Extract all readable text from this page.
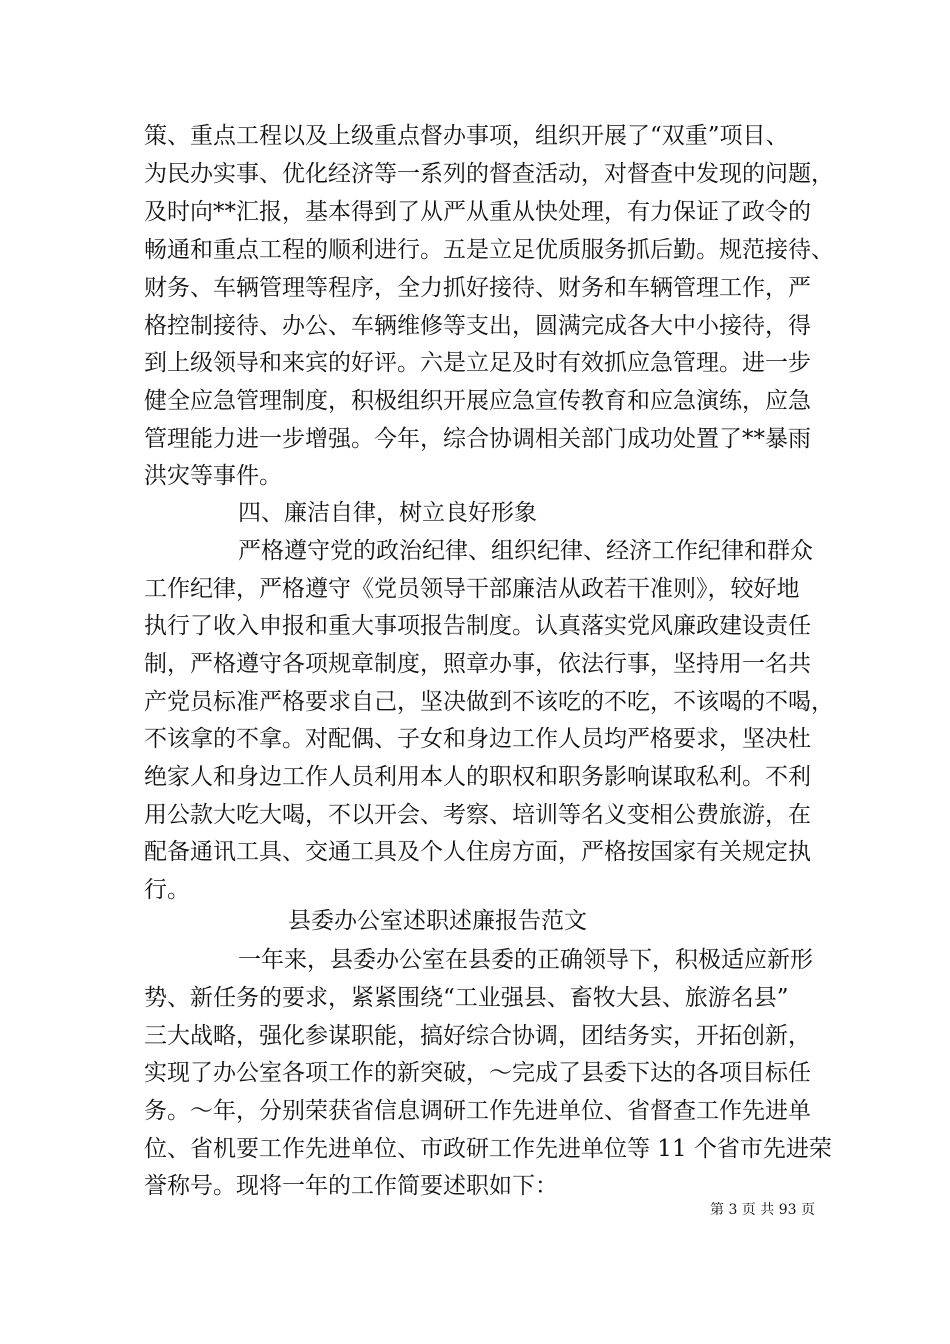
策、重点工程以及上级重点督办事项，组织开展了“双重”项目、
为民办实事、优化经济等一系列的督查活动，对督查中发现的问题，
及时向**汇报，基本得到了从严从重从快处理，有力保证了政令的
畅通和重点工程的顺利进行。五是立足优质服务抓后勤。规范接待、
财务、车辆管理等程序，全力抓好接待、财务和车辆管理工作，严
格控制接待、办公、车辆维修等支出，圆满完成各大中小接待，得
到上级领导和来宾的好评。六是立足及时有效抓应急管理。进一步
健全应急管理制度，积极组织开展应急宣传教育和应急演练，应急
管理能力进一步增强。今年，综合协调相关部门成功处置了**暴雨
洪灾等事件。
四、廉洁自律，树立良好形象
严格遵守党的政治纪律、组织纪律、经济工作纪律和群众
工作纪律，严格遵守《党员领导干部廉洁从政若干准则》，较好地
执行了收入申报和重大事项报告制度。认真落实党风廉政建设责任
制，严格遵守各项规章制度，照章办事，依法行事，坚持用一名共
产党员标准严格要求自己，坚决做到不该吃的不吃，不该喝的不喝，
不该拿的不拿。对配偶、子女和身边工作人员均严格要求，坚决杜
绝家人和身边工作人员利用本人的职权和职务影响谋取私利。不利
用公款大吃大喝，不以开会、考察、培训等名义变相公费旅游，在
配备通讯工具、交通工具及个人住房方面，严格按国家有关规定执
行。
县委办公室述职述廉报告范文
一年来，县委办公室在县委的正确领导下，积极适应新形
势、新任务的要求，紧紧围绕“工业强县、畜牧大县、旅游名县”
三大战略，强化参谋职能，搞好综合协调，团结务实，开拓创新，
实现了办公室各项工作的新突破，～完成了县委下达的各项目标任
务。～年，分别荣获省信息调研工作先进单位、省督查工作先进单
位、省机要工作先进单位、市政研工作先进单位等 11 个省市先进荣
誉称号。现将一年的工作简要述职如下：
第 3 页 共 93 页
